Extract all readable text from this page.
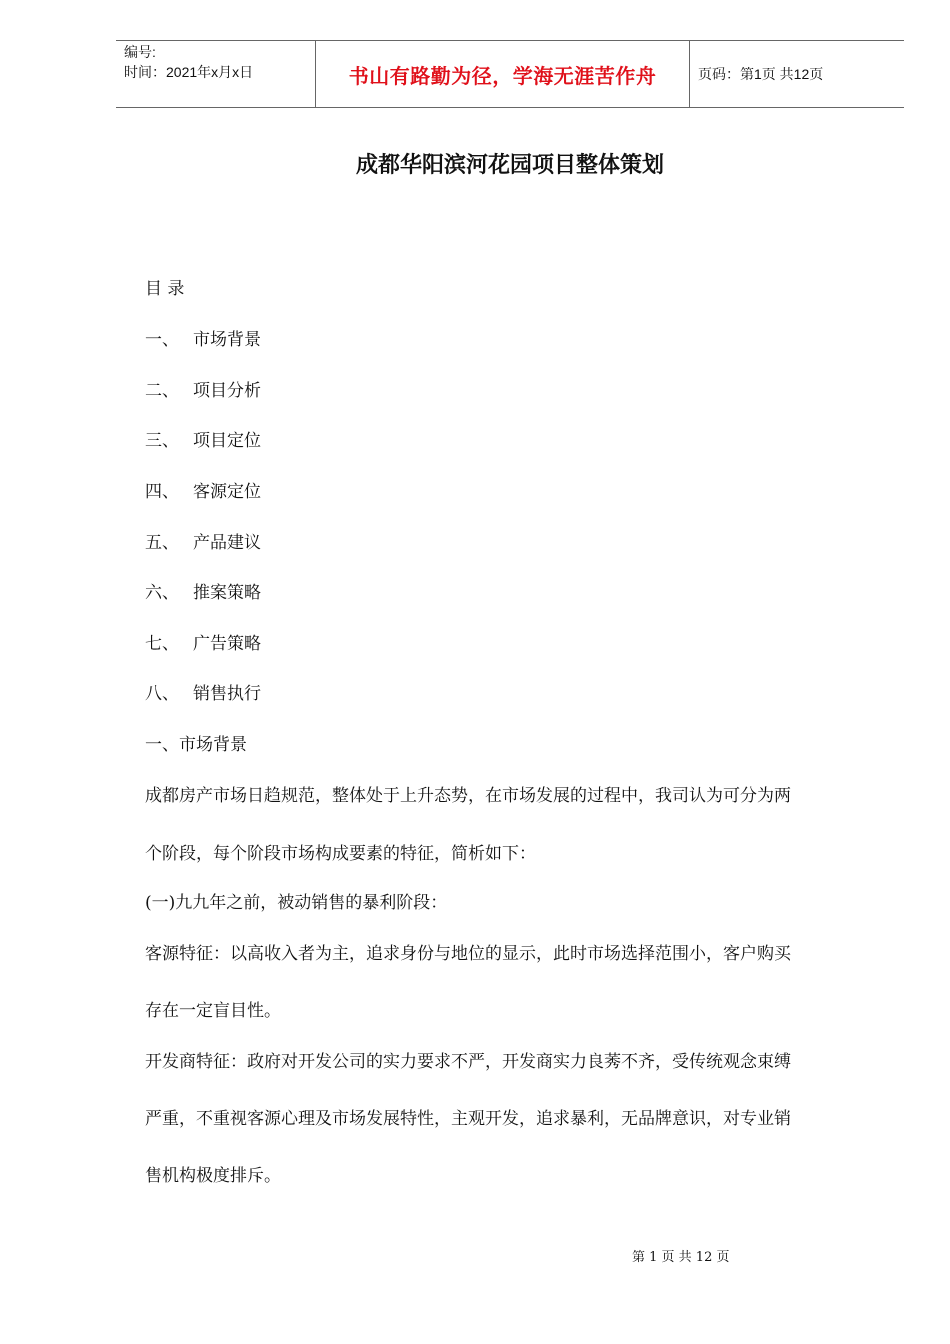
编号:
时间：2021年x月x日	书山有路勤为径，学海无涯苦作舟	页码：第1页 共12页
成都华阳滨河花园项目整体策划
目 录
一、 市场背景
二、 项目分析
三、 项目定位
四、 客源定位
五、 产品建议
六、 推案策略
七、 广告策略
八、 销售执行
一、市场背景
成都房产市场日趋规范，整体处于上升态势，在市场发展的过程中，我司认为可分为两
个阶段，每个阶段市场构成要素的特征，简析如下：
(一)九九年之前，被动销售的暴利阶段：
客源特征：以高收入者为主，追求身份与地位的显示，此时市场选择范围小，客户购买
存在一定盲目性。
开发商特征：政府对开发公司的实力要求不严，开发商实力良莠不齐，受传统观念束缚
严重，不重视客源心理及市场发展特性，主观开发，追求暴利，无品牌意识，对专业销
售机构极度排斥。
第 1 页 共 12 页
